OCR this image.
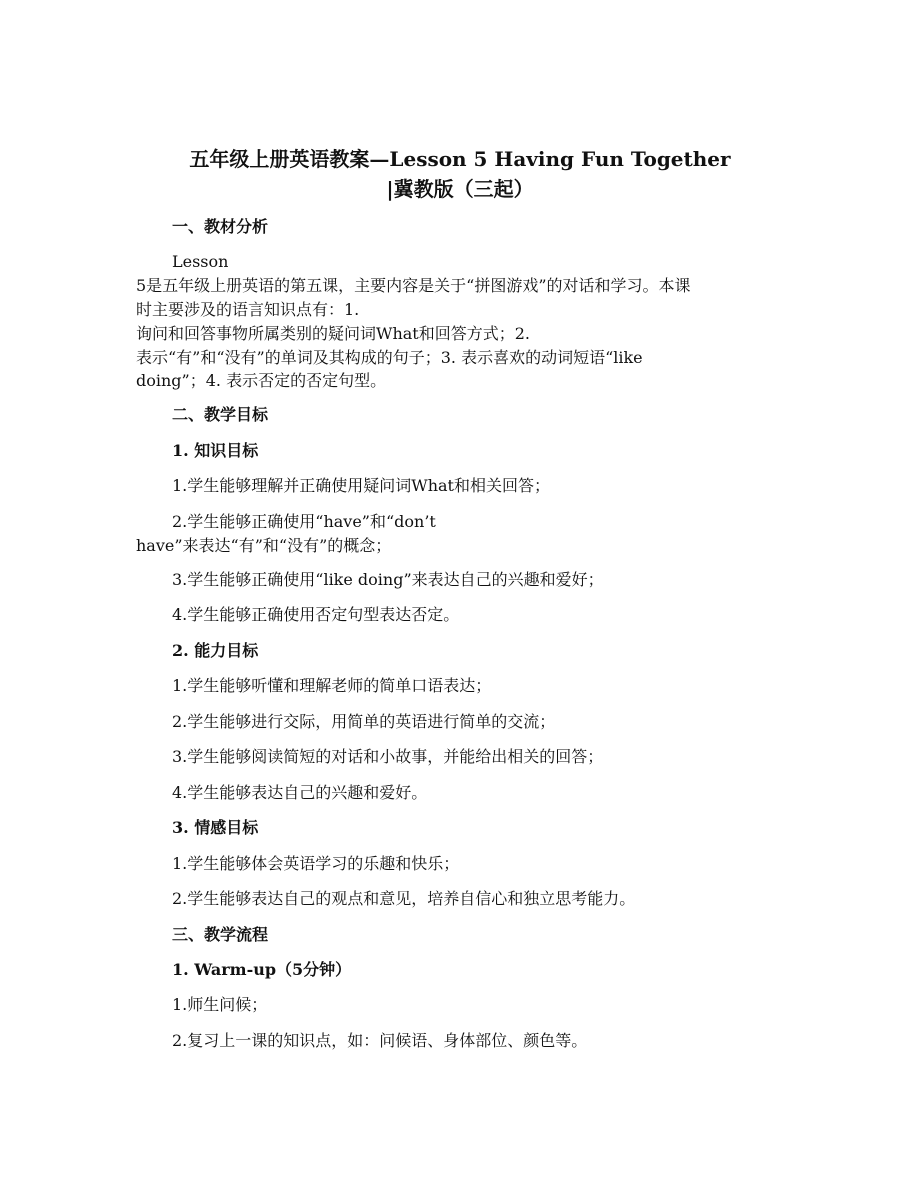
五年级上册英语教案—Lesson 5 Having Fun Together

|冀教版（三起）

一、教材分析

Lesson

5是五年级上册英语的第五课，主要内容是关于“拼图游戏”的对话和学习。本课

时主要涉及的语言知识点有：1.

询问和回答事物所属类别的疑问词What和回答方式；2.

表示“有”和“没有”的单词及其构成的句子；3. 表示喜欢的动词短语“like

doing”；4. 表示否定的否定句型。

二、教学目标

1. 知识目标

1.学生能够理解并正确使用疑问词What和相关回答；

2.学生能够正确使用“have”和“don’t

have”来表达“有”和“没有”的概念；

3.学生能够正确使用“like doing”来表达自己的兴趣和爱好；

4.学生能够正确使用否定句型表达否定。

2. 能力目标

1.学生能够听懂和理解老师的简单口语表达；

2.学生能够进行交际，用简单的英语进行简单的交流；

3.学生能够阅读简短的对话和小故事，并能给出相关的回答；

4.学生能够表达自己的兴趣和爱好。

3. 情感目标

1.学生能够体会英语学习的乐趣和快乐；

2.学生能够表达自己的观点和意见，培养自信心和独立思考能力。

三、教学流程

1. Warm-up（5分钟）

1.师生问候；

2.复习上一课的知识点，如：问候语、身体部位、颜色等。
